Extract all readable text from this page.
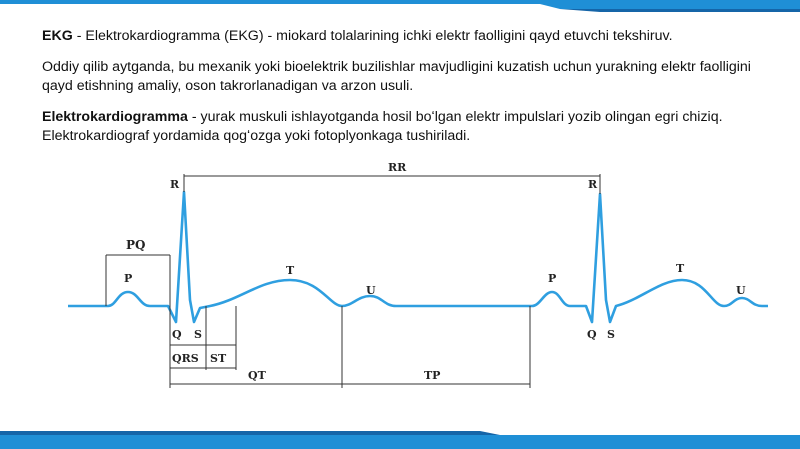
EKG - Elektrokardiogramma (EKG) - miokard tolalarining ichki elektr faolligini qayd etuvchi tekshiruv.
Oddiy qilib aytganda, bu mexanik yoki bioelektrik buzilishlar mavjudligini kuzatish uchun yurakning elektr faolligini qayd etishning amaliy, oson takrorlanadigan va arzon usuli.
Elektrokardiogramma - yurak muskuli ishlayotganda hosil boʻlgan elektr impulslari yozib olingan egri chiziq. Elektrokardiograf yordamida qogʻozga yoki fotoplyonkaga tushiriladi.
R	R
RR
PQ
P	P
T	T
U	U
Q S	Q S
QRS ST
QT	TP
